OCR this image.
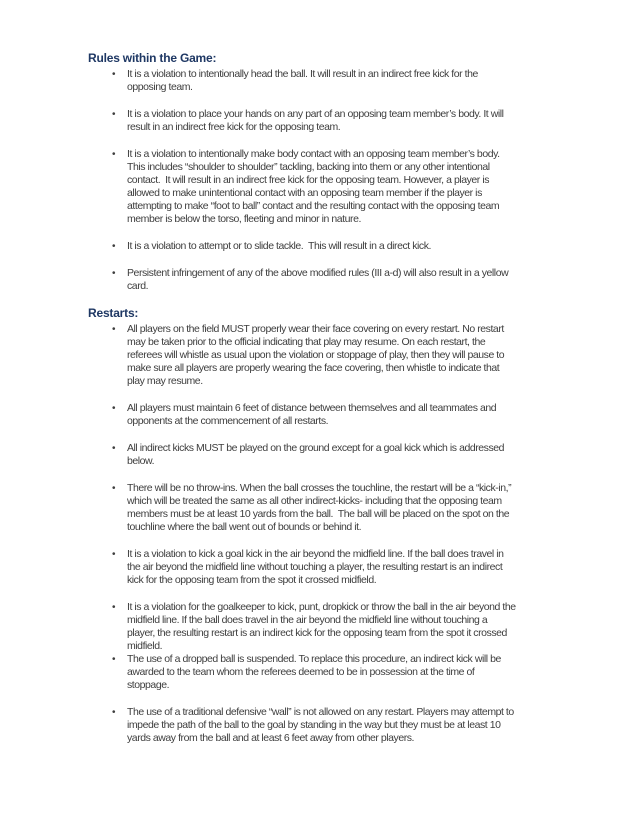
Rules within the Game:
•	It is a violation to intentionally head the ball. It will result in an indirect free kick for the opposing team.
•	It is a violation to place your hands on any part of an opposing team member’s body. It will result in an indirect free kick for the opposing team.
•	It is a violation to intentionally make body contact with an opposing team member’s body.  This includes “shoulder to shoulder” tackling, backing into them or any other intentional contact.  It will result in an indirect free kick for the opposing team. However, a player is allowed to make unintentional contact with an opposing team member if the player is attempting to make “foot to ball” contact and the resulting contact with the opposing team member is below the torso, fleeting and minor in nature.
•	It is a violation to attempt or to slide tackle.  This will result in a direct kick.
•	Persistent infringement of any of the above modified rules (III a-d) will also result in a yellow card.
Restarts:
•	All players on the field MUST properly wear their face covering on every restart. No restart may be taken prior to the official indicating that play may resume. On each restart, the referees will whistle as usual upon the violation or stoppage of play, then they will pause to make sure all players are properly wearing the face covering, then whistle to indicate that play may resume.
•	All players must maintain 6 feet of distance between themselves and all teammates and opponents at the commencement of all restarts.
•	All indirect kicks MUST be played on the ground except for a goal kick which is addressed below.
•	There will be no throw-ins. When the ball crosses the touchline, the restart will be a “kick-in,” which will be treated the same as all other indirect-kicks- including that the opposing team members must be at least 10 yards from the ball.  The ball will be placed on the spot on the touchline where the ball went out of bounds or behind it.
•	It is a violation to kick a goal kick in the air beyond the midfield line. If the ball does travel in the air beyond the midfield line without touching a player, the resulting restart is an indirect kick for the opposing team from the spot it crossed midfield.
•	It is a violation for the goalkeeper to kick, punt, dropkick or throw the ball in the air beyond the midfield line. If the ball does travel in the air beyond the midfield line without touching a player, the resulting restart is an indirect kick for the opposing team from the spot it crossed midfield.
•	The use of a dropped ball is suspended. To replace this procedure, an indirect kick will be awarded to the team whom the referees deemed to be in possession at the time of stoppage.
•	The use of a traditional defensive “wall” is not allowed on any restart. Players may attempt to impede the path of the ball to the goal by standing in the way but they must be at least 10 yards away from the ball and at least 6 feet away from other players.
